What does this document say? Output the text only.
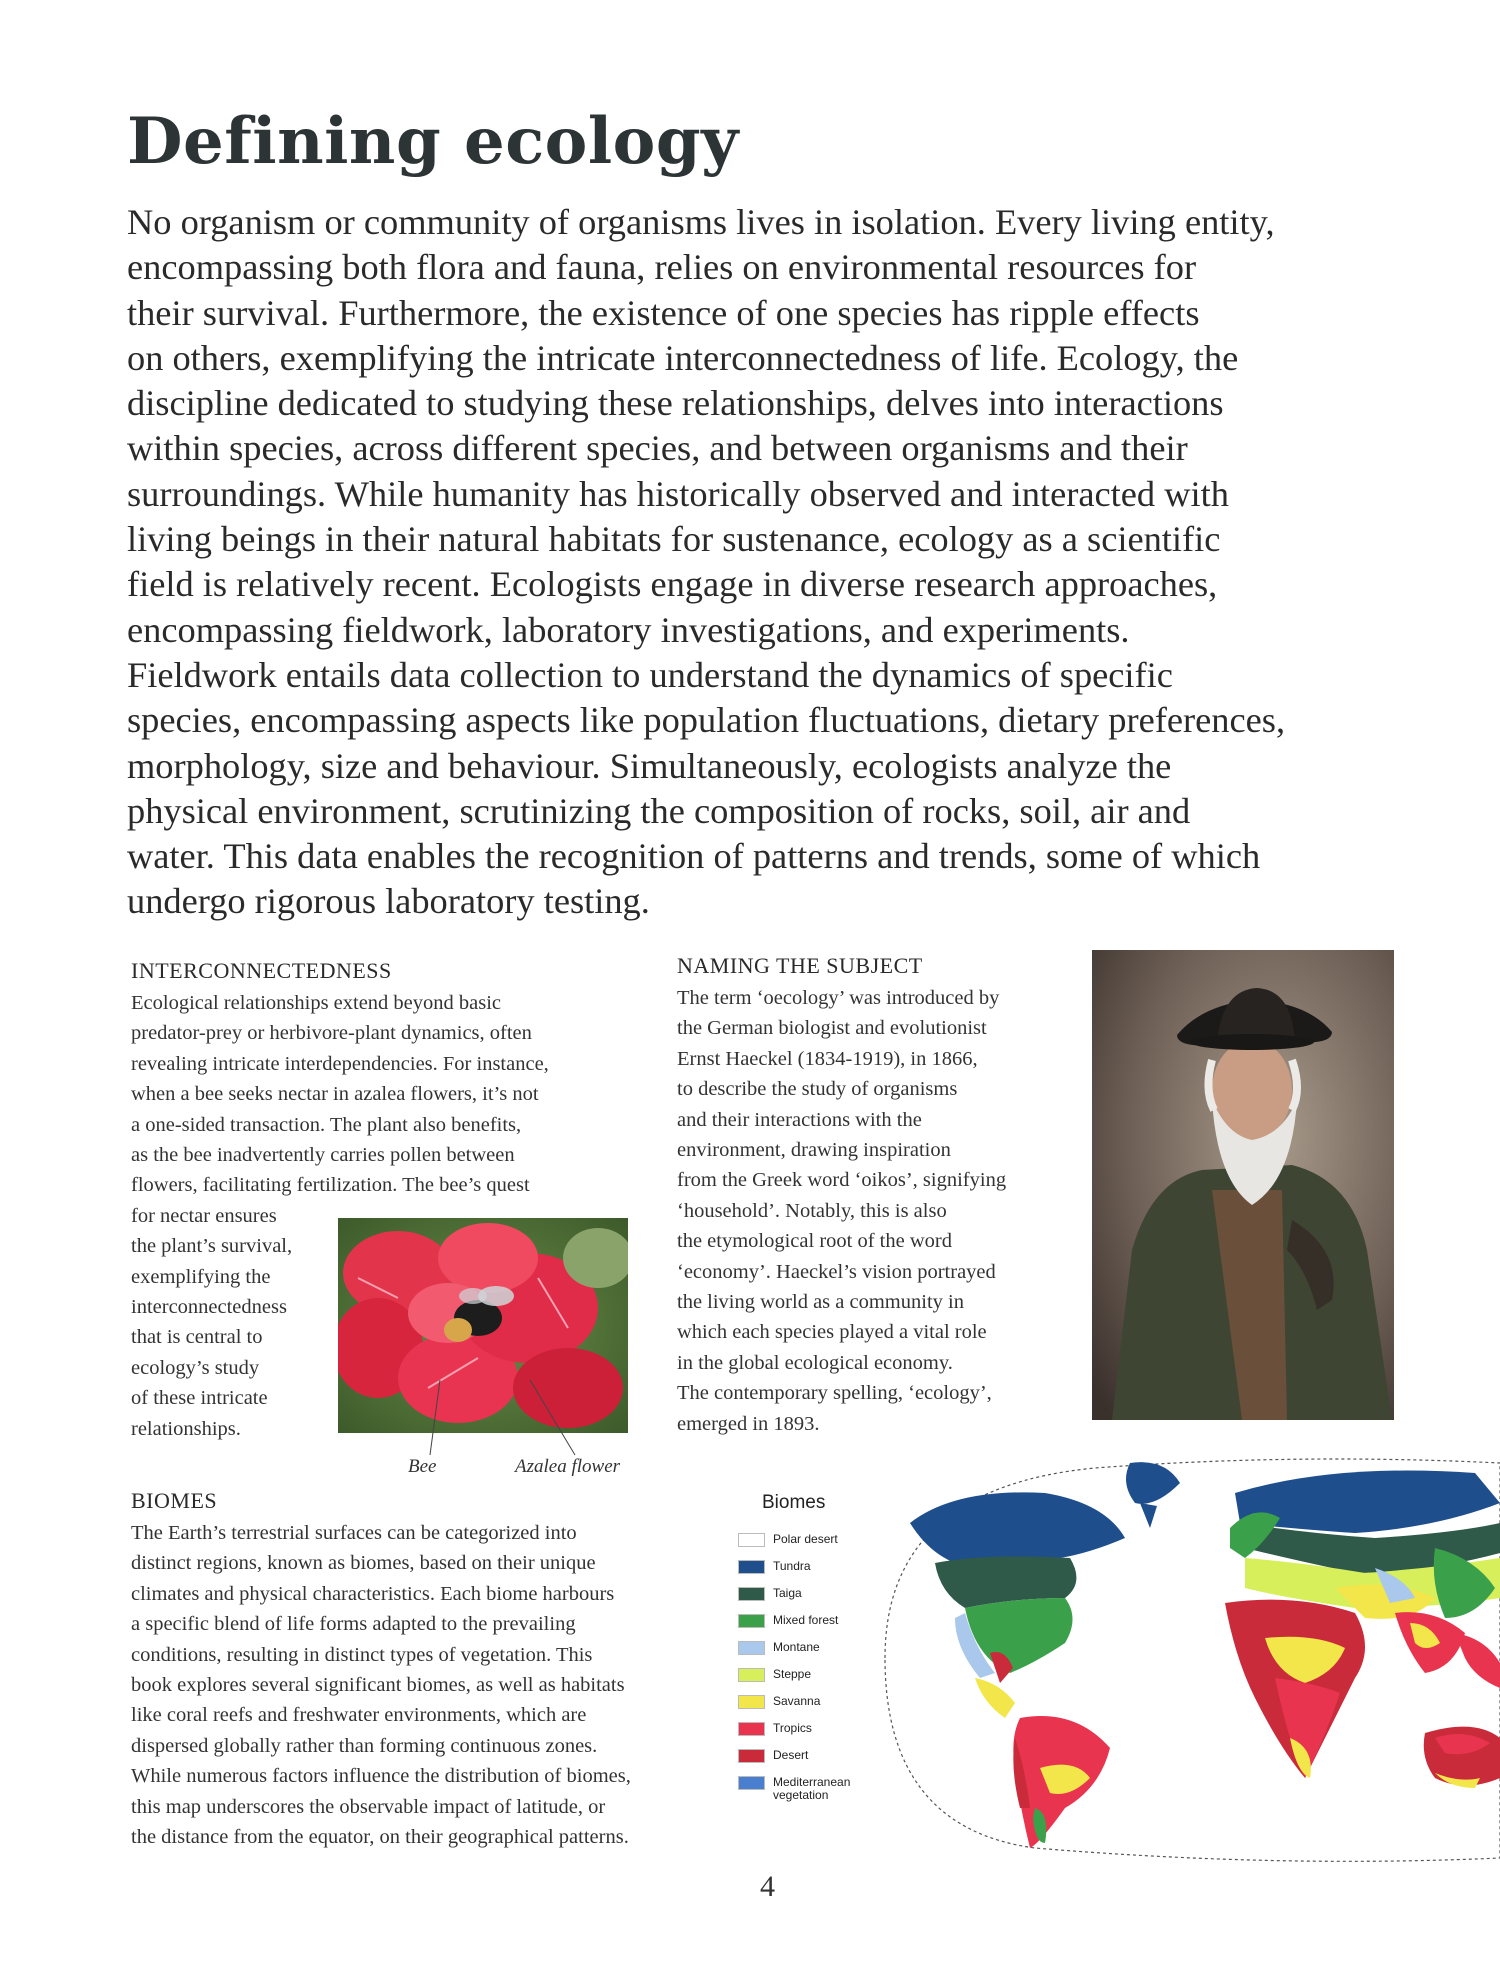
Defining ecology
No organism or community of organisms lives in isolation. Every living entity,
encompassing both flora and fauna, relies on environmental resources for
their survival. Furthermore, the existence of one species has ripple effects
on others, exemplifying the intricate interconnectedness of life. Ecology, the
discipline dedicated to studying these relationships, delves into interactions
within species, across different species, and between organisms and their
surroundings. While humanity has historically observed and interacted with
living beings in their natural habitats for sustenance, ecology as a scientific
field is relatively recent. Ecologists engage in diverse research approaches,
encompassing fieldwork, laboratory investigations, and experiments.
Fieldwork entails data collection to understand the dynamics of specific
species, encompassing aspects like population fluctuations, dietary preferences,
morphology, size and behaviour. Simultaneously, ecologists analyze the
physical environment, scrutinizing the composition of rocks, soil, air and
water. This data enables the recognition of patterns and trends, some of which
undergo rigorous laboratory testing.
INTERCONNECTEDNESS
Ecological relationships extend beyond basic
predator-prey or herbivore-plant dynamics, often
revealing intricate interdependencies. For instance,
when a bee seeks nectar in azalea flowers, it’s not
a one-sided transaction. The plant also benefits,
as the bee inadvertently carries pollen between
flowers, facilitating fertilization. The bee’s quest
for nectar ensures
the plant’s survival,
exemplifying the
interconnectedness
that is central to
ecology’s study
of these intricate
relationships.
Bee	Azalea flower
NAMING THE SUBJECT
The term ‘oecology’ was introduced by
the German biologist and evolutionist
Ernst Haeckel (1834-1919), in 1866,
to describe the study of organisms
and their interactions with the
environment, drawing inspiration
from the Greek word ‘oikos’, signifying
‘household’. Notably, this is also
the etymological root of the word
‘economy’. Haeckel’s vision portrayed
the living world as a community in
which each species played a vital role
in the global ecological economy.
The contemporary spelling, ‘ecology’,
emerged in 1893.
BIOMES
The Earth’s terrestrial surfaces can be categorized into
distinct regions, known as biomes, based on their unique
climates and physical characteristics. Each biome harbours
a specific blend of life forms adapted to the prevailing
conditions, resulting in distinct types of vegetation. This
book explores several significant biomes, as well as habitats
like coral reefs and freshwater environments, which are
dispersed globally rather than forming continuous zones.
While numerous factors influence the distribution of biomes,
this map underscores the observable impact of latitude, or
the distance from the equator, on their geographical patterns.
Biomes
Polar desert
Tundra
Taiga
Mixed forest
Montane
Steppe
Savanna
Tropics
Desert
Mediterranean vegetation
4
